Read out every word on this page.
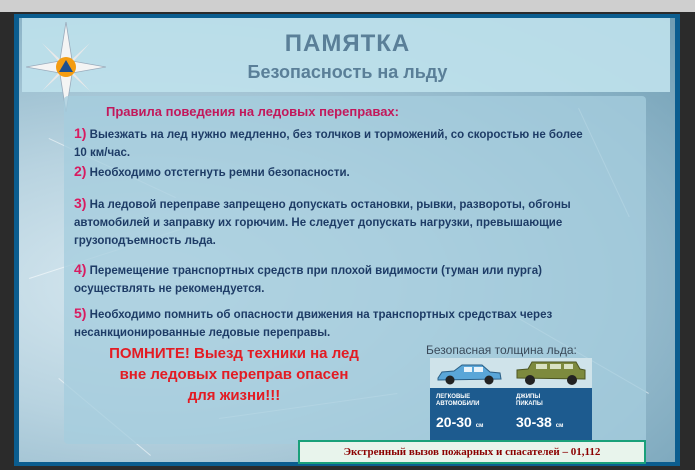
ПАМЯТКА
Безопасность на льду
Правила поведения на ледовых переправах:
1) Выезжать на лед нужно медленно, без толчков и торможений, со скоростью не более 10 км/час.
2) Необходимо отстегнуть ремни безопасности.
3) На ледовой переправе запрещено допускать остановки, рывки, развороты, обгоны автомобилей и заправку их горючим. Не следует допускать нагрузки, превышающие грузоподъемность льда.
4) Перемещение транспортных средств при плохой видимости (туман или пурга) осуществлять не рекомендуется.
5) Необходимо помнить об опасности движения на транспортных средствах через несанкционированные ледовые переправы.
ПОМНИТЕ! Выезд техники на лед
вне ледовых переправ опасен
для жизни!!!
Безопасная толщина льда:
ЛЕГКОВЫЕ
АВТОМОБИЛИ
20-30 см
ДЖИПЫ
ПИКАПЫ
30-38 см
Экстренный вызов пожарных и спасателей – 01,112
